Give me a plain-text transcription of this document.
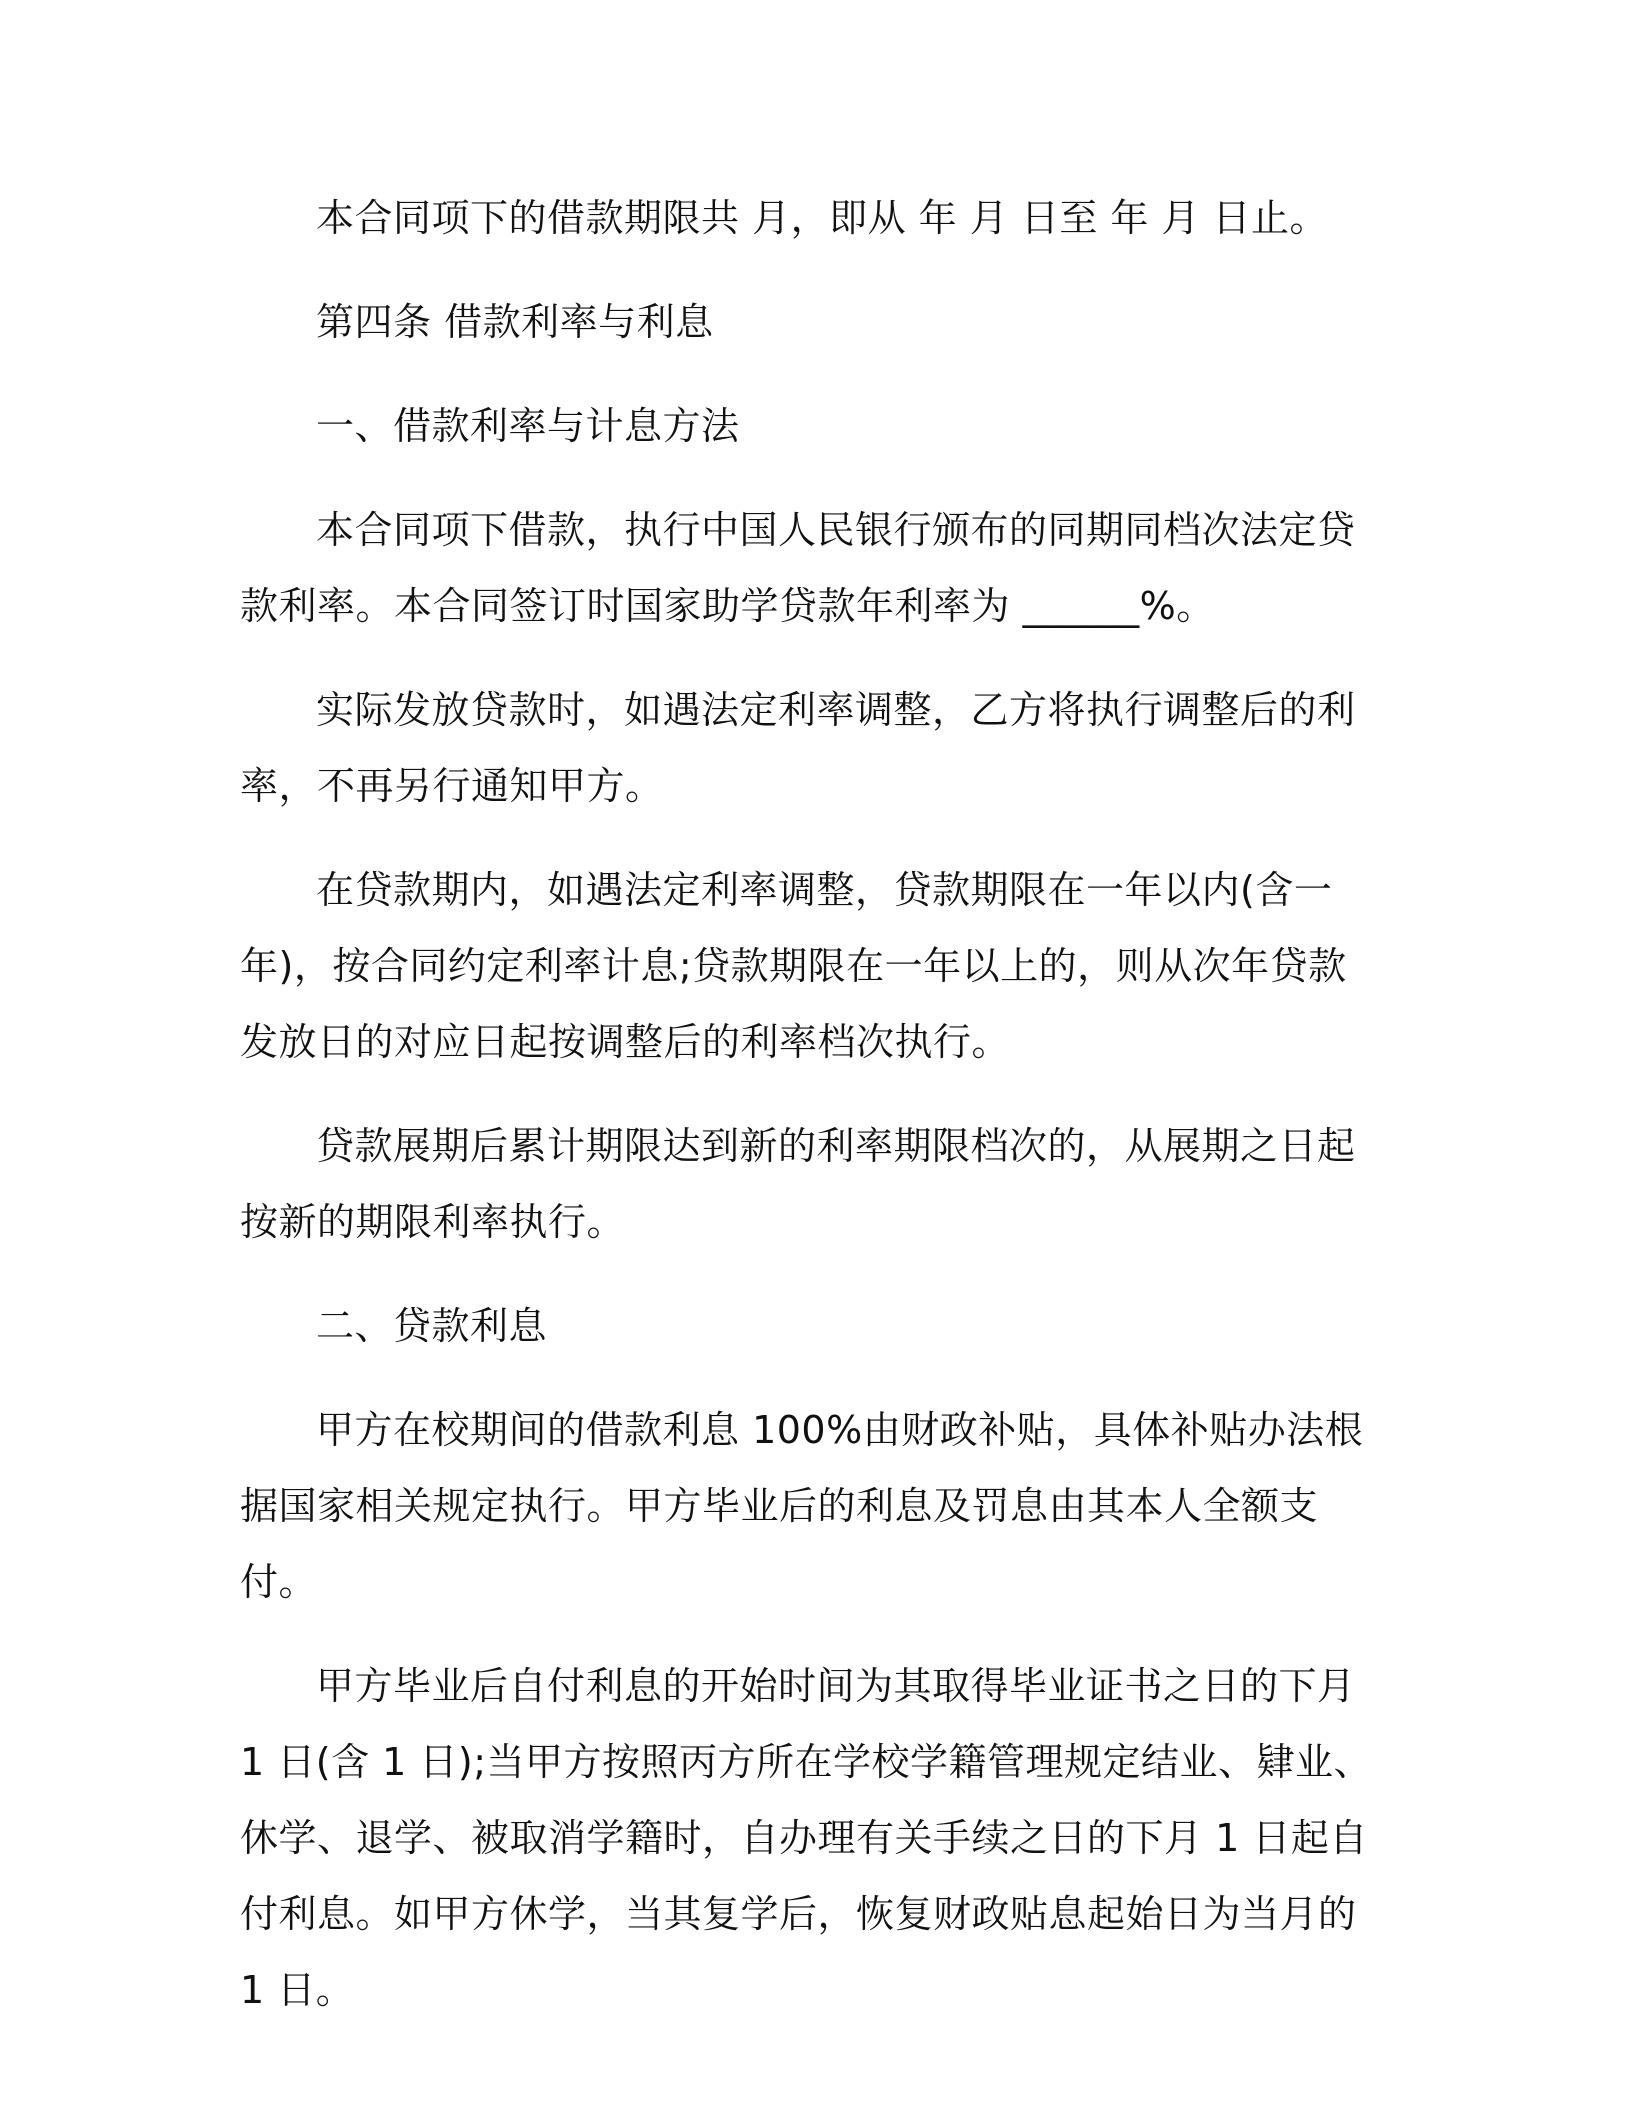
本合同项下的借款期限共 月，即从 年 月 日至 年 月 日止。

第四条 借款利率与利息

一、借款利率与计息方法

本合同项下借款，执行中国人民银行颁布的同期同档次法定贷款利率。本合同签订时国家助学贷款年利率为 ______%。

实际发放贷款时，如遇法定利率调整，乙方将执行调整后的利率，不再另行通知甲方。

在贷款期内，如遇法定利率调整，贷款期限在一年以内(含一年)，按合同约定利率计息;贷款期限在一年以上的，则从次年贷款发放日的对应日起按调整后的利率档次执行。

贷款展期后累计期限达到新的利率期限档次的，从展期之日起按新的期限利率执行。

二、贷款利息

甲方在校期间的借款利息 100%由财政补贴，具体补贴办法根据国家相关规定执行。甲方毕业后的利息及罚息由其本人全额支付。

甲方毕业后自付利息的开始时间为其取得毕业证书之日的下月 1 日(含 1 日);当甲方按照丙方所在学校学籍管理规定结业、肄业、休学、退学、被取消学籍时，自办理有关手续之日的下月 1 日起自付利息。如甲方休学，当其复学后，恢复财政贴息起始日为当月的 1 日。
